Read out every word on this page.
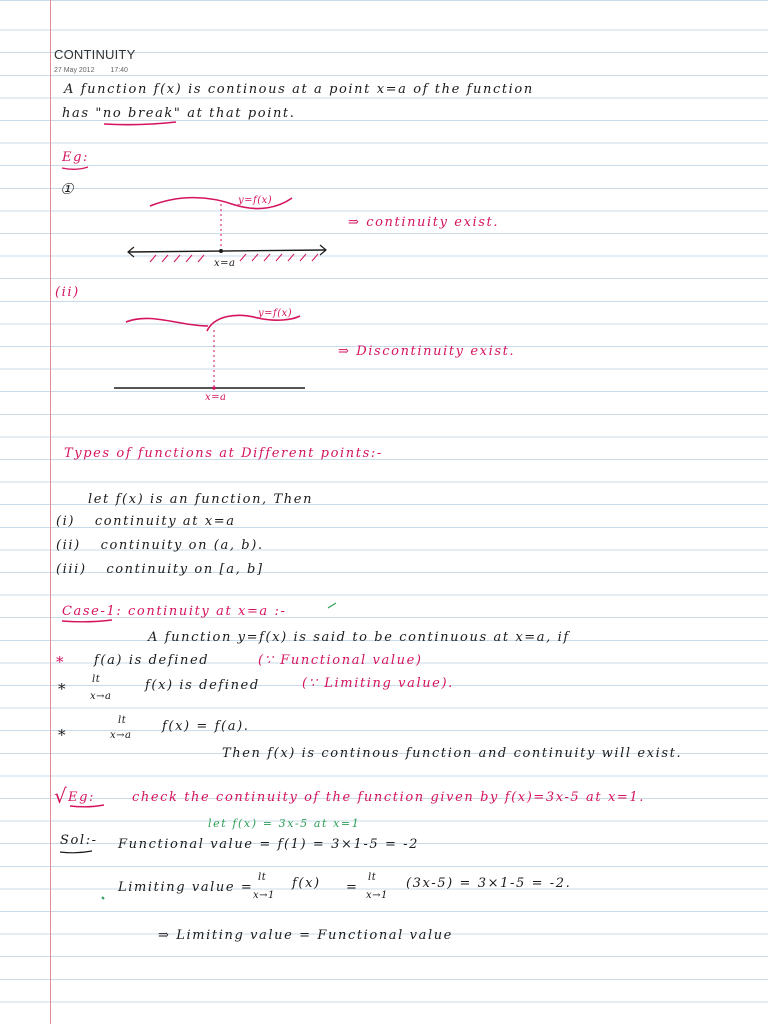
CONTINUITY
27 May 2012 17:40
A function f(x) is continous at a point x=a of the function
has "no break" at that point.
Eg:
①
y=f(x)
x=a
⇒ continuity exist.
(ii)
y=f(x)
x=a
⇒ Discontinuity exist.
Types of functions at Different points:-
let f(x) is an function, Then
(i) continuity at x=a
(ii) continuity on (a, b).
(iii) continuity on [a, b]
Case-1: continuity at x=a :-
A function y=f(x) is said to be continuous at x=a, if
* f(a) is defined	(∵ Functional value)
*
lt
x→a
f(x) is defined	(∵ Limiting value).
*
lt
x→a
f(x) = f(a).
Then f(x) is continous function and continuity will exist.
√ Eg:	check the continuity of the function given by f(x)=3x-5 at x=1.
let f(x) = 3x-5 at x=1
Sol:- Functional value = f(1) = 3×1-5 = -2
Limiting value =
lt
x→1
f(x) =
lt
x→1
(3x-5) = 3×1-5 = -2.
⇒ Limiting value = Functional value
